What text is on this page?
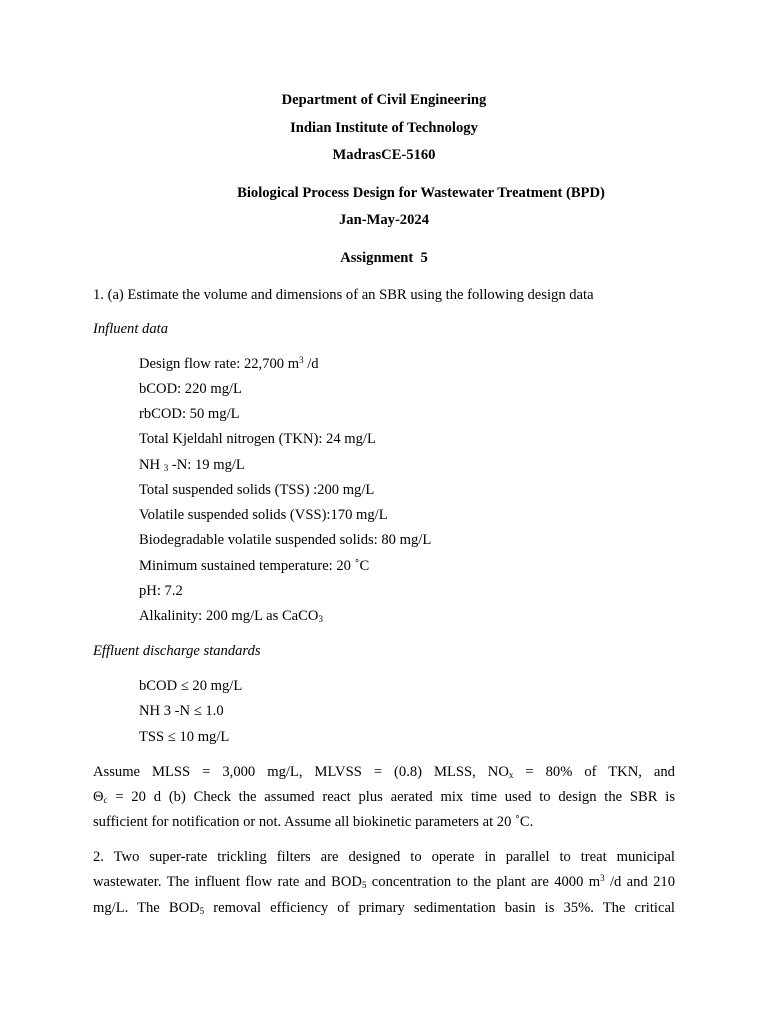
Department of Civil Engineering
Indian Institute of Technology
MadrasCE-5160
Biological Process Design for Wastewater Treatment (BPD)
Jan-May-2024
Assignment  5
1. (a) Estimate the volume and dimensions of an SBR using the following design data
Influent data
Design flow rate: 22,700 $m^3$ /d
bCOD: 220 mg/L
rbCOD: 50 mg/L
Total Kjeldahl nitrogen (TKN): 24 mg/L
NH $_3$ -N: 19 mg/L
Total suspended solids (TSS) :200 mg/L
Volatile suspended solids (VSS):170 mg/L
Biodegradable volatile suspended solids: 80 mg/L
Minimum sustained temperature: 20 ˚C
pH: 7.2
Alkalinity: 200 mg/L as CaCO$_3$
Effluent discharge standards
bCOD ≤ 20 mg/L
NH 3 -N ≤ 1.0
TSS ≤ 10 mg/L
Assume MLSS = 3,000 mg/L, MLVSS = (0.8) MLSS, $NO_x = 80\%$ of TKN, and
$\Theta_c = 20$ d (b) Check the assumed react plus aerated mix time used to design the SBR is
sufficient for notification or not. Assume all biokinetic parameters at 20 ˚C.
2. Two super-rate trickling filters are designed to operate in parallel to treat municipal
wastewater. The influent flow rate and $BOD_5$ concentration to the plant are 4000 $m^3$ /d and 210
mg/L. The $BOD_5$ removal efficiency of primary sedimentation basin is 35%. The critical
